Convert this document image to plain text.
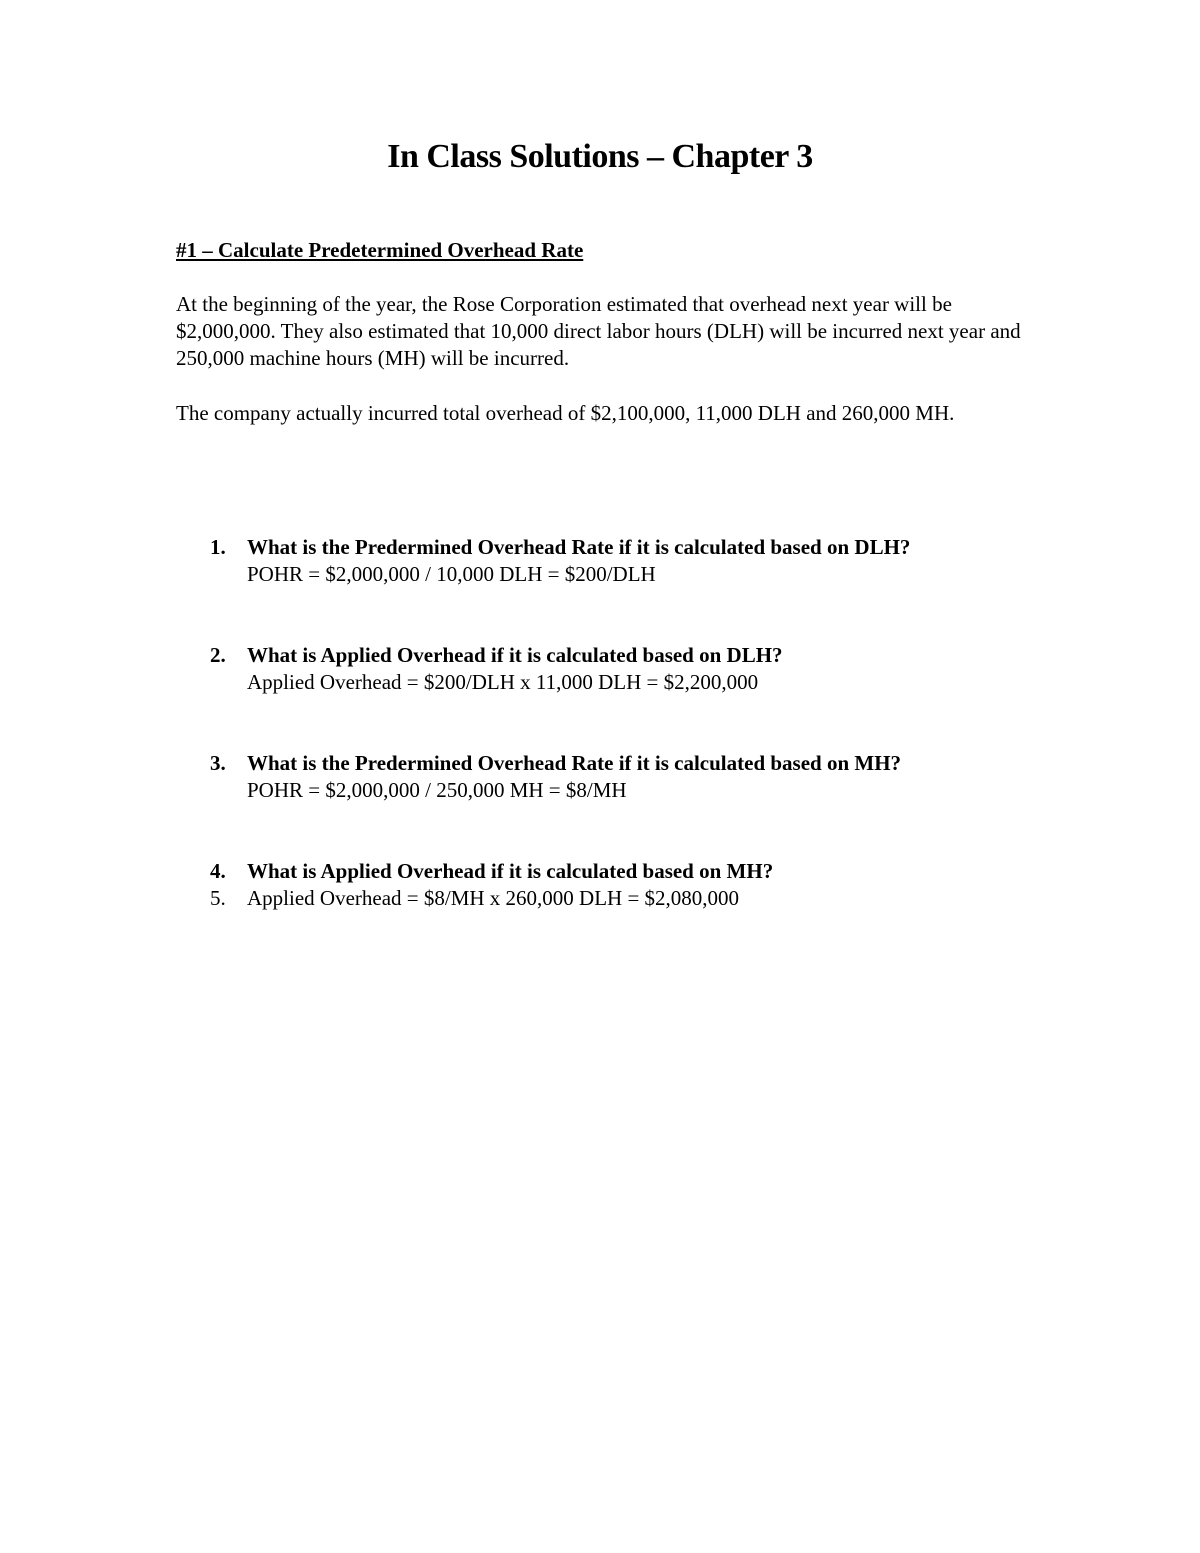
In Class Solutions – Chapter 3
#1 – Calculate Predetermined Overhead Rate

At the beginning of the year, the Rose Corporation estimated that overhead next year will be $2,000,000. They also estimated that 10,000 direct labor hours (DLH) will be incurred next year and 250,000 machine hours (MH) will be incurred.

The company actually incurred total overhead of $2,100,000, 11,000 DLH and 260,000 MH.

1. What is the Predermined Overhead Rate if it is calculated based on DLH?
POHR = $2,000,000 / 10,000 DLH = $200/DLH
2. What is Applied Overhead if it is calculated based on DLH?
Applied Overhead = $200/DLH x 11,000 DLH = $2,200,000
3. What is the Predermined Overhead Rate if it is calculated based on MH?
POHR = $2,000,000 / 250,000 MH = $8/MH
4. What is Applied Overhead if it is calculated based on MH?
5. Applied Overhead = $8/MH x 260,000 DLH = $2,080,000
